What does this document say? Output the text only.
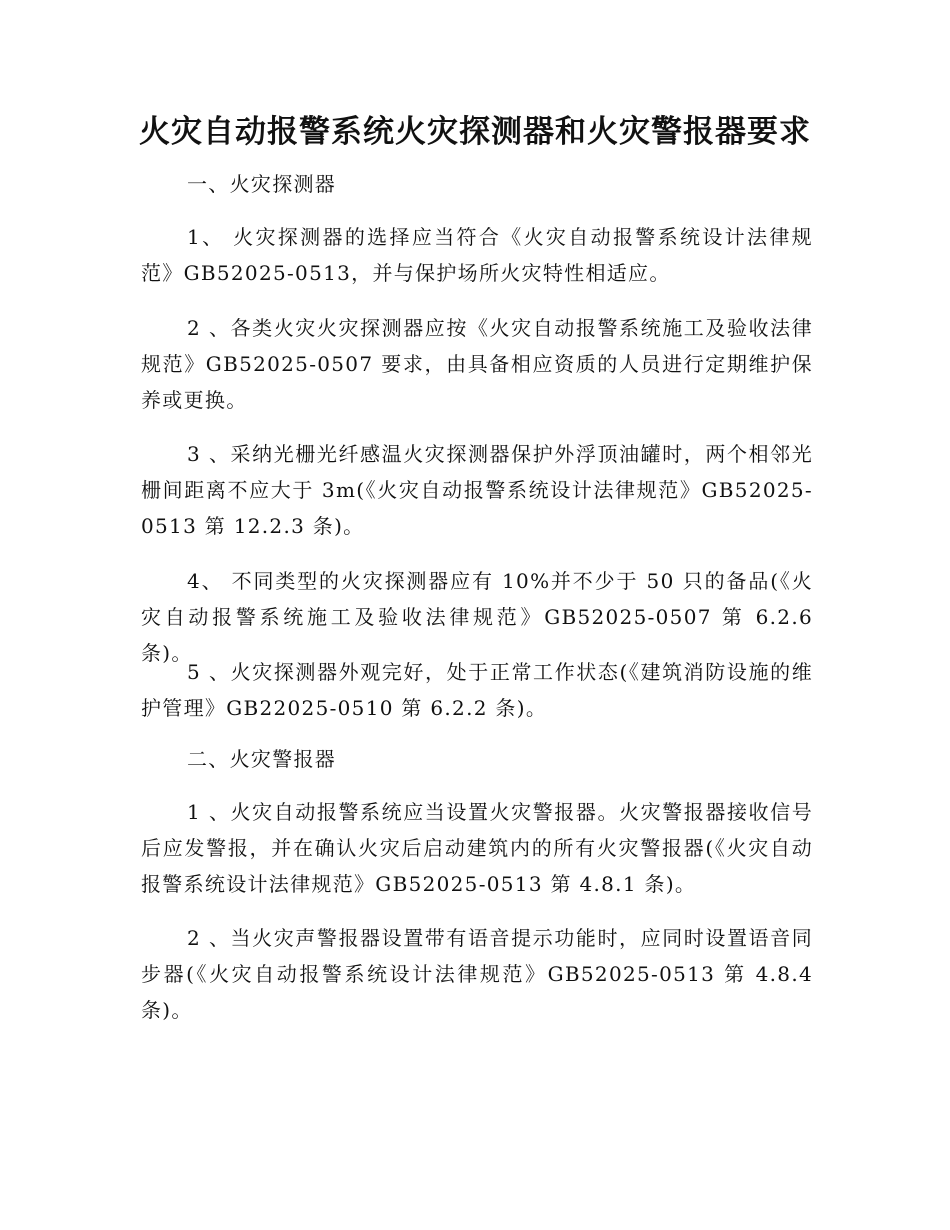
火灾自动报警系统火灾探测器和火灾警报器要求

一、火灾探测器

1、 火灾探测器的选择应当符合《火灾自动报警系统设计法律规范》GB52025-0513，并与保护场所火灾特性相适应。

2 、各类火灾火灾探测器应按《火灾自动报警系统施工及验收法律规范》GB52025-0507 要求，由具备相应资质的人员进行定期维护保养或更换。

3 、采纳光栅光纤感温火灾探测器保护外浮顶油罐时，两个相邻光栅间距离不应大于 3m(《火灾自动报警系统设计法律规范》GB52025-0513 第 12.2.3 条)。

4、 不同类型的火灾探测器应有 10%并不少于 50 只的备品(《火灾自动报警系统施工及验收法律规范》GB52025-0507 第 6.2.6 条)。

5 、火灾探测器外观完好，处于正常工作状态(《建筑消防设施的维护管理》GB22025-0510 第 6.2.2 条)。

二、火灾警报器

1 、火灾自动报警系统应当设置火灾警报器。火灾警报器接收信号后应发警报，并在确认火灾后启动建筑内的所有火灾警报器(《火灾自动报警系统设计法律规范》GB52025-0513 第 4.8.1 条)。

2 、当火灾声警报器设置带有语音提示功能时，应同时设置语音同步器(《火灾自动报警系统设计法律规范》GB52025-0513 第 4.8.4 条)。
